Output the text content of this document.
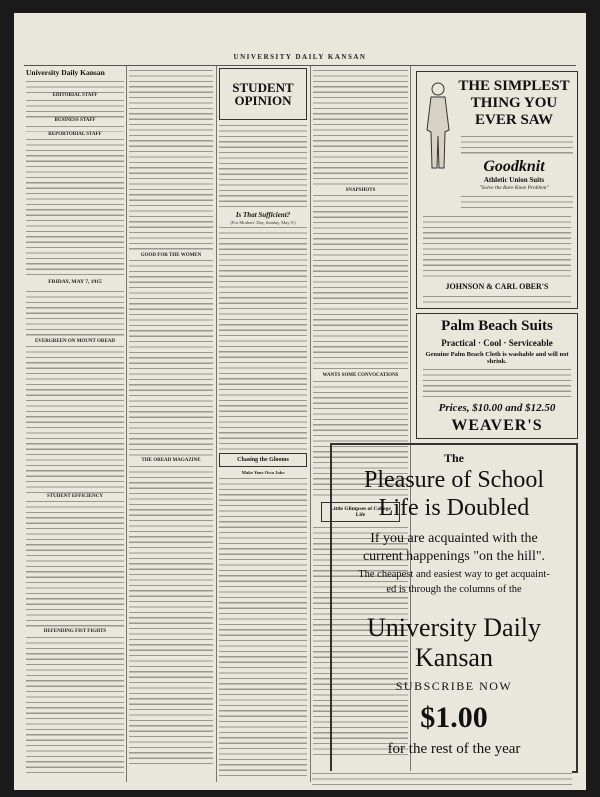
UNIVERSITY DAILY KANSAN
University Daily Kansan
EDITORIAL STAFF
BUSINESS STAFF
REPORTORIAL STAFF
FRIDAY, MAY 7, 1915
EVERGREEN ON MOUNT OREAD
STUDENT EFFICIENCY
DEFENDING FIST FIGHTS
GOOD FOR THE WOMEN
THE OREAD MAGAZINE
STUDENT
OPINION
Is That Sufficient?
(For Mothers' Day, Sunday, May 9.)
Chasing the Glooms
Make Your Own Joke
SNAPSHOTS
WANTS SOME CONVOCATIONS
Little Glimpses of College Life
THE SIMPLEST
THING YOU
EVER SAW
Goodknit
Athletic Union Suits
"Solve the Bare Knee Problem"
JOHNSON & CARL OBER'S
Palm Beach Suits
Practical · Cool · Serviceable
Genuine Palm Beach Cloth is washable and will not shrink.
Prices, $10.00 and $12.50
WEAVER'S
The
Pleasure of School
Life is Doubled
If you are acquainted with the
current happenings "on the hill".
The cheapest and easiest way to get acquaint-
ed is through the columns of the
University Daily
Kansan
SUBSCRIBE NOW
$1.00
for the rest of the year
